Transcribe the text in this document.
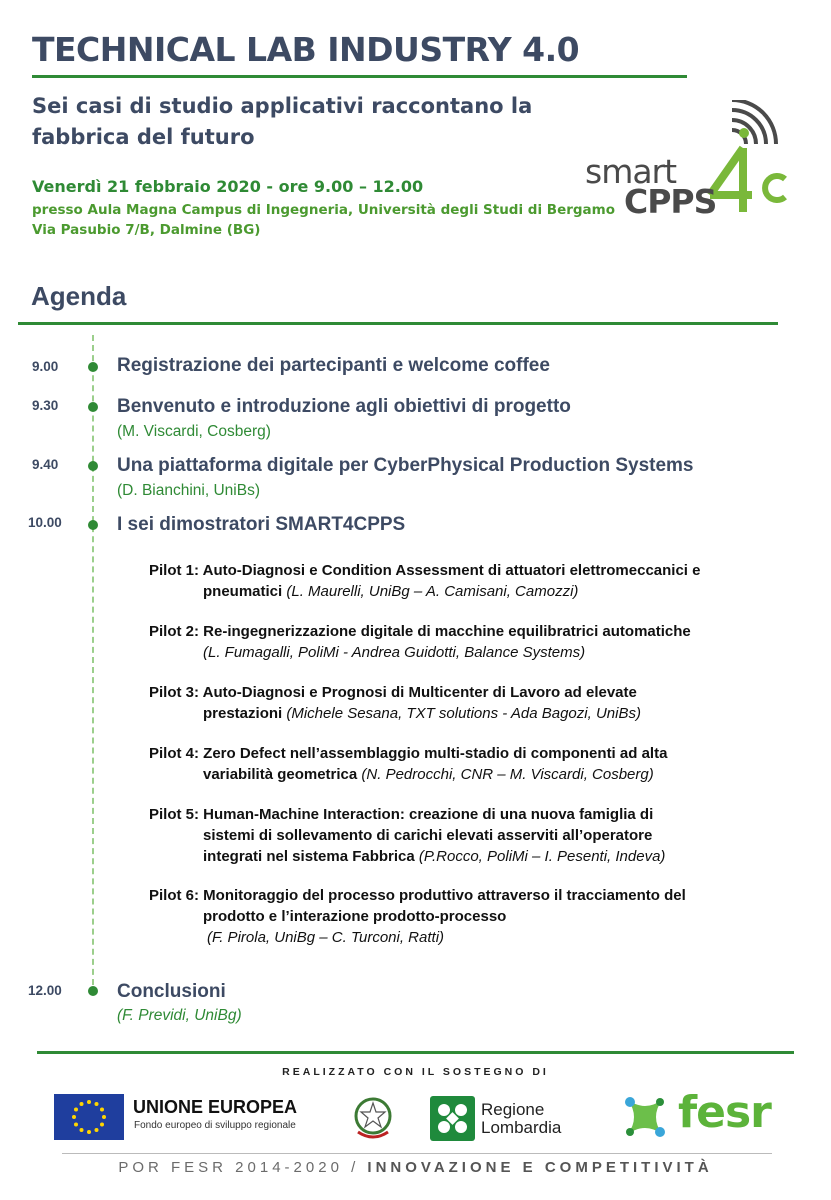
TECHNICAL LAB INDUSTRY 4.0
Sei casi di studio applicativi raccontano la fabbrica del futuro
Venerdì 21 febbraio 2020 - ore 9.00 – 12.00
presso Aula Magna Campus di Ingegneria, Università degli Studi di Bergamo
Via Pasubio 7/B, Dalmine (BG)
smart
CPPS
Agenda
9.00	Registrazione dei partecipanti e welcome coffee
9.30	Benvenuto e introduzione agli obiettivi di progetto
(M. Viscardi, Cosberg)
9.40	Una piattaforma digitale per CyberPhysical Production Systems
(D. Bianchini, UniBs)
10.00	I sei dimostratori SMART4CPPS
Pilot 1: Auto-Diagnosi e Condition Assessment di attuatori elettromeccanici e

pneumatici (L. Maurelli, UniBg – A. Camisani, Camozzi)
Pilot 2: Re-ingegnerizzazione digitale di macchine equilibratrici automatiche

(L. Fumagalli, PoliMi - Andrea Guidotti, Balance Systems)
Pilot 3: Auto-Diagnosi e Prognosi di Multicenter di Lavoro ad elevate

prestazioni (Michele Sesana, TXT solutions - Ada Bagozi, UniBs)
Pilot 4: Zero Defect nell’assemblaggio multi-stadio di componenti ad alta

variabilità geometrica (N. Pedrocchi, CNR – M. Viscardi, Cosberg)
Pilot 5: Human-Machine Interaction: creazione di una nuova famiglia di

sistemi di sollevamento di carichi elevati asserviti all’operatore
integrati nel sistema Fabbrica (P.Rocco, PoliMi – I. Pesenti, Indeva)
Pilot 6: Monitoraggio del processo produttivo attraverso il tracciamento del

prodotto e l’interazione prodotto-processo
(F. Pirola, UniBg – C. Turconi, Ratti)
12.00	Conclusioni
(F. Previdi, UniBg)
REALIZZATO CON IL SOSTEGNO DI
UNIONE EUROPEA
Fondo europeo di sviluppo regionale
Regione
Lombardia	fesr
POR FESR 2014-2020 / INNOVAZIONE E COMPETITIVITÀ
